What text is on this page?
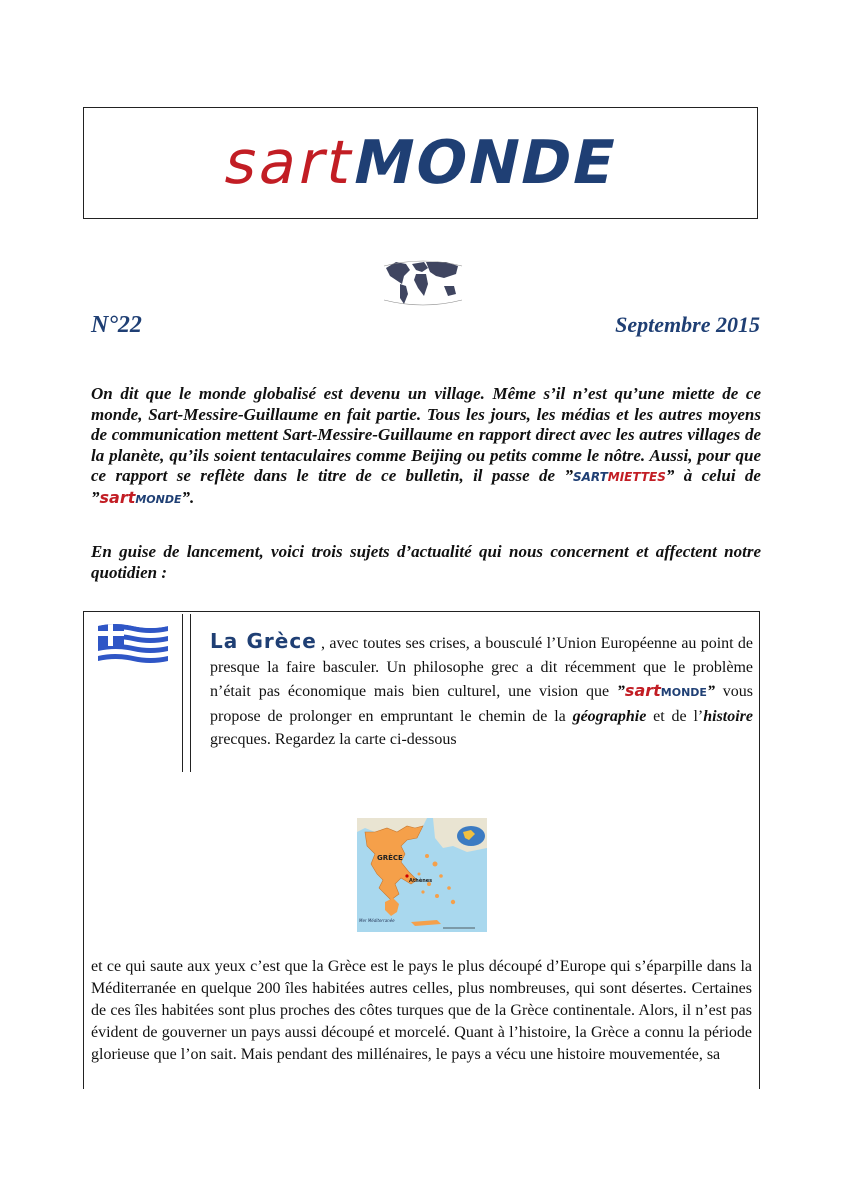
sartMONDE
N°22	Septembre 2015
On dit que le monde globalisé est devenu un village. Même s’il n’est qu’une miette de ce monde, Sart-Messire-Guillaume en fait partie. Tous les jours, les médias et les autres moyens de communication mettent Sart-Messire-Guillaume en rapport direct avec les autres villages de la planète, qu’ils soient tentaculaires comme Beijing ou petits comme le nôtre. Aussi, pour que ce rapport se reflète dans le titre de ce bulletin, il passe de ”SARTMIETTES” à celui de ”sartMONDE”.
En guise de lancement, voici trois sujets d’actualité qui nous concernent et affectent notre quotidien :
La Grèce , avec toutes ses crises, a bousculé l’Union Européenne au point de presque la faire basculer. Un philosophe grec a dit récemment que le problème n’était pas économique mais bien culturel, une vision que ”sartMONDE” vous propose de prolonger en empruntant le chemin de la géographie et de l’histoire grecques. Regardez la carte ci-dessous
GRÈCE
Athènes
Mer Méditerranée
et ce qui saute aux yeux c’est que la Grèce est le pays le plus découpé d’Europe qui s’éparpille dans la Méditerranée en quelque 200 îles habitées autres celles, plus nombreuses, qui sont désertes. Certaines de ces îles habitées sont plus proches des côtes turques que de la Grèce continentale. Alors, il n’est pas évident de gouverner un pays aussi découpé et morcelé. Quant à l’histoire, la Grèce a connu la période glorieuse que l’on sait. Mais pendant des millénaires, le pays a vécu une histoire mouvementée, sa
